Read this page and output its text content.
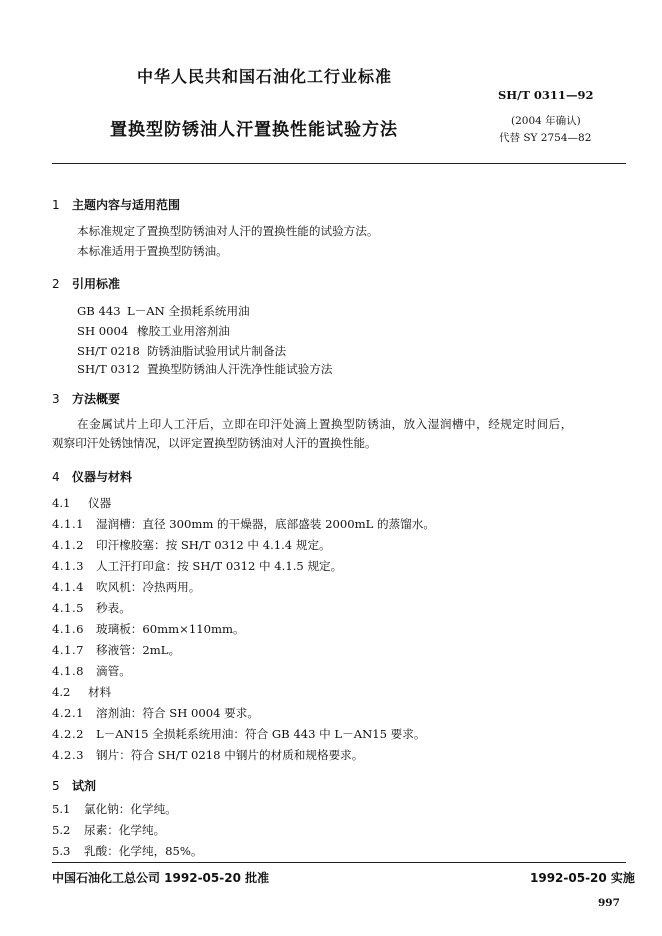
中华人民共和国石油化工行业标准
置换型防锈油人汗置换性能试验方法
SH/T 0311—92
(2004 年确认)
代替 SY 2754—82
1 主题内容与适用范围
本标准规定了置换型防锈油对人汗的置换性能的试验方法。
本标准适用于置换型防锈油。
2 引用标准
GB 443 L－AN 全损耗系统用油
SH 0004 橡胶工业用溶剂油
SH/T 0218 防锈油脂试验用试片制备法
SH/T 0312 置换型防锈油人汗洗净性能试验方法
3 方法概要
在金属试片上印人工汗后，立即在印汗处滴上置换型防锈油，放入湿润槽中，经规定时间后，
观察印汗处锈蚀情况，以评定置换型防锈油对人汗的置换性能。
4 仪器与材料
4.1 仪器
4.1.1 湿润槽：直径 300mm 的干燥器，底部盛装 2000mL 的蒸馏水。
4.1.2 印汗橡胶塞：按 SH/T 0312 中 4.1.4 规定。
4.1.3 人工汗打印盒：按 SH/T 0312 中 4.1.5 规定。
4.1.4 吹风机：冷热两用。
4.1.5 秒表。
4.1.6 玻璃板：60mm×110mm。
4.1.7 移液管：2mL。
4.1.8 滴管。
4.2 材料
4.2.1 溶剂油：符合 SH 0004 要求。
4.2.2 L－AN15 全损耗系统用油：符合 GB 443 中 L－AN15 要求。
4.2.3 钢片：符合 SH/T 0218 中钢片的材质和规格要求。
5 试剂
5.1 氯化钠：化学纯。
5.2 尿素：化学纯。
5.3 乳酸：化学纯，85%。
中国石油化工总公司 1992-05-20 批准	1992-05-20 实施
997
